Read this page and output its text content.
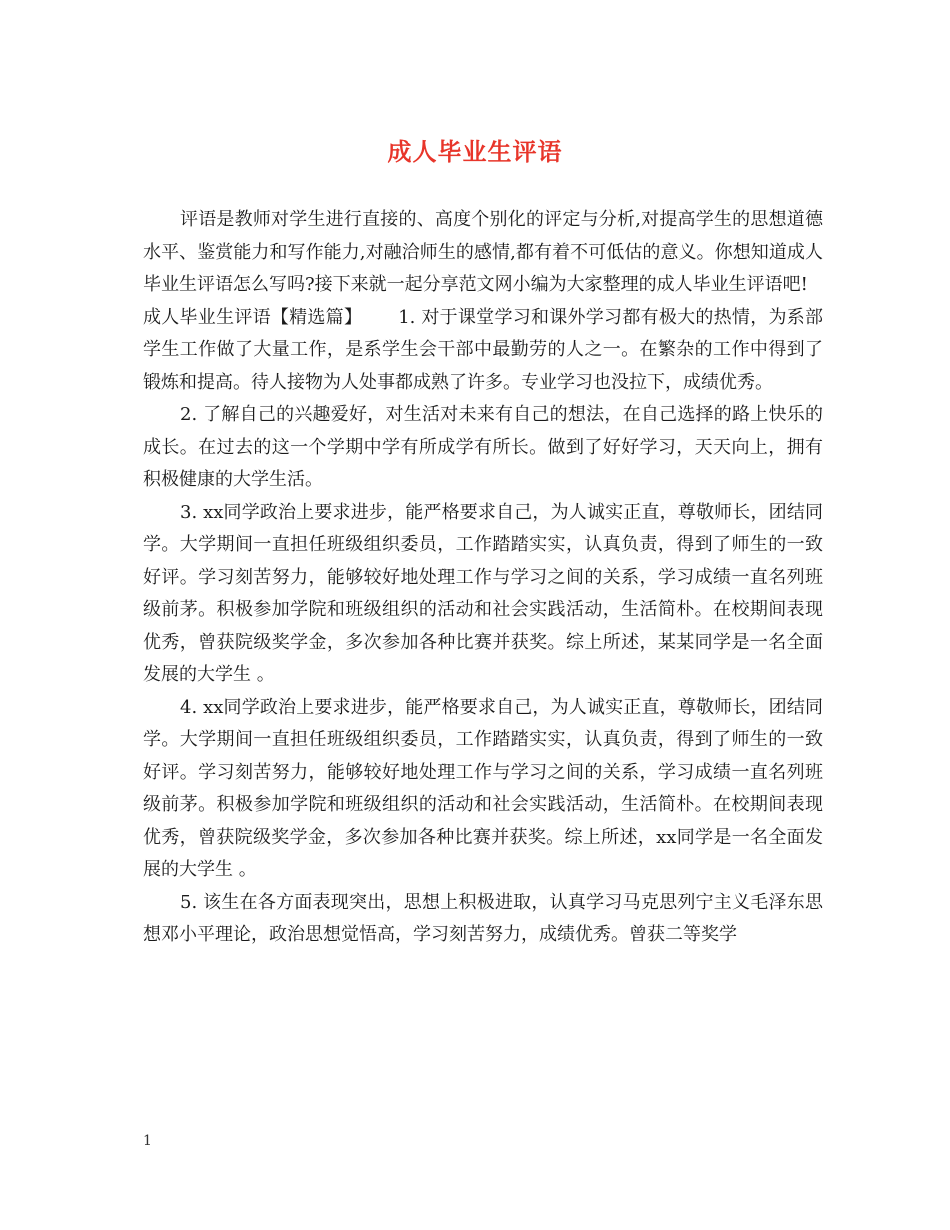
成人毕业生评语

评语是教师对学生进行直接的、高度个别化的评定与分析,对提高学生的思想道德水平、鉴赏能力和写作能力,对融洽师生的感情,都有着不可低估的意义。你想知道成人毕业生评语怎么写吗?接下来就一起分享范文网小编为大家整理的成人毕业生评语吧!

成人毕业生评语【精选篇】 1. 对于课堂学习和课外学习都有极大的热情，为系部学生工作做了大量工作，是系学生会干部中最勤劳的人之一。在繁杂的工作中得到了锻炼和提高。待人接物为人处事都成熟了许多。专业学习也没拉下，成绩优秀。

2. 了解自己的兴趣爱好，对生活对未来有自己的想法，在自己选择的路上快乐的成长。在过去的这一个学期中学有所成学有所长。做到了好好学习，天天向上，拥有积极健康的大学生活。

3. xx同学政治上要求进步，能严格要求自己，为人诚实正直，尊敬师长，团结同学。大学期间一直担任班级组织委员，工作踏踏实实，认真负责，得到了师生的一致好评。学习刻苦努力，能够较好地处理工作与学习之间的关系，学习成绩一直名列班级前茅。积极参加学院和班级组织的活动和社会实践活动，生活简朴。在校期间表现优秀，曾获院级奖学金，多次参加各种比赛并获奖。综上所述，某某同学是一名全面发展的大学生 。

4. xx同学政治上要求进步，能严格要求自己，为人诚实正直，尊敬师长，团结同学。大学期间一直担任班级组织委员，工作踏踏实实，认真负责，得到了师生的一致好评。学习刻苦努力，能够较好地处理工作与学习之间的关系，学习成绩一直名列班级前茅。积极参加学院和班级组织的活动和社会实践活动，生活简朴。在校期间表现优秀，曾获院级奖学金，多次参加各种比赛并获奖。综上所述，xx同学是一名全面发展的大学生 。

5. 该生在各方面表现突出，思想上积极进取，认真学习马克思列宁主义毛泽东思想邓小平理论，政治思想觉悟高，学习刻苦努力，成绩优秀。曾获二等奖学

1
